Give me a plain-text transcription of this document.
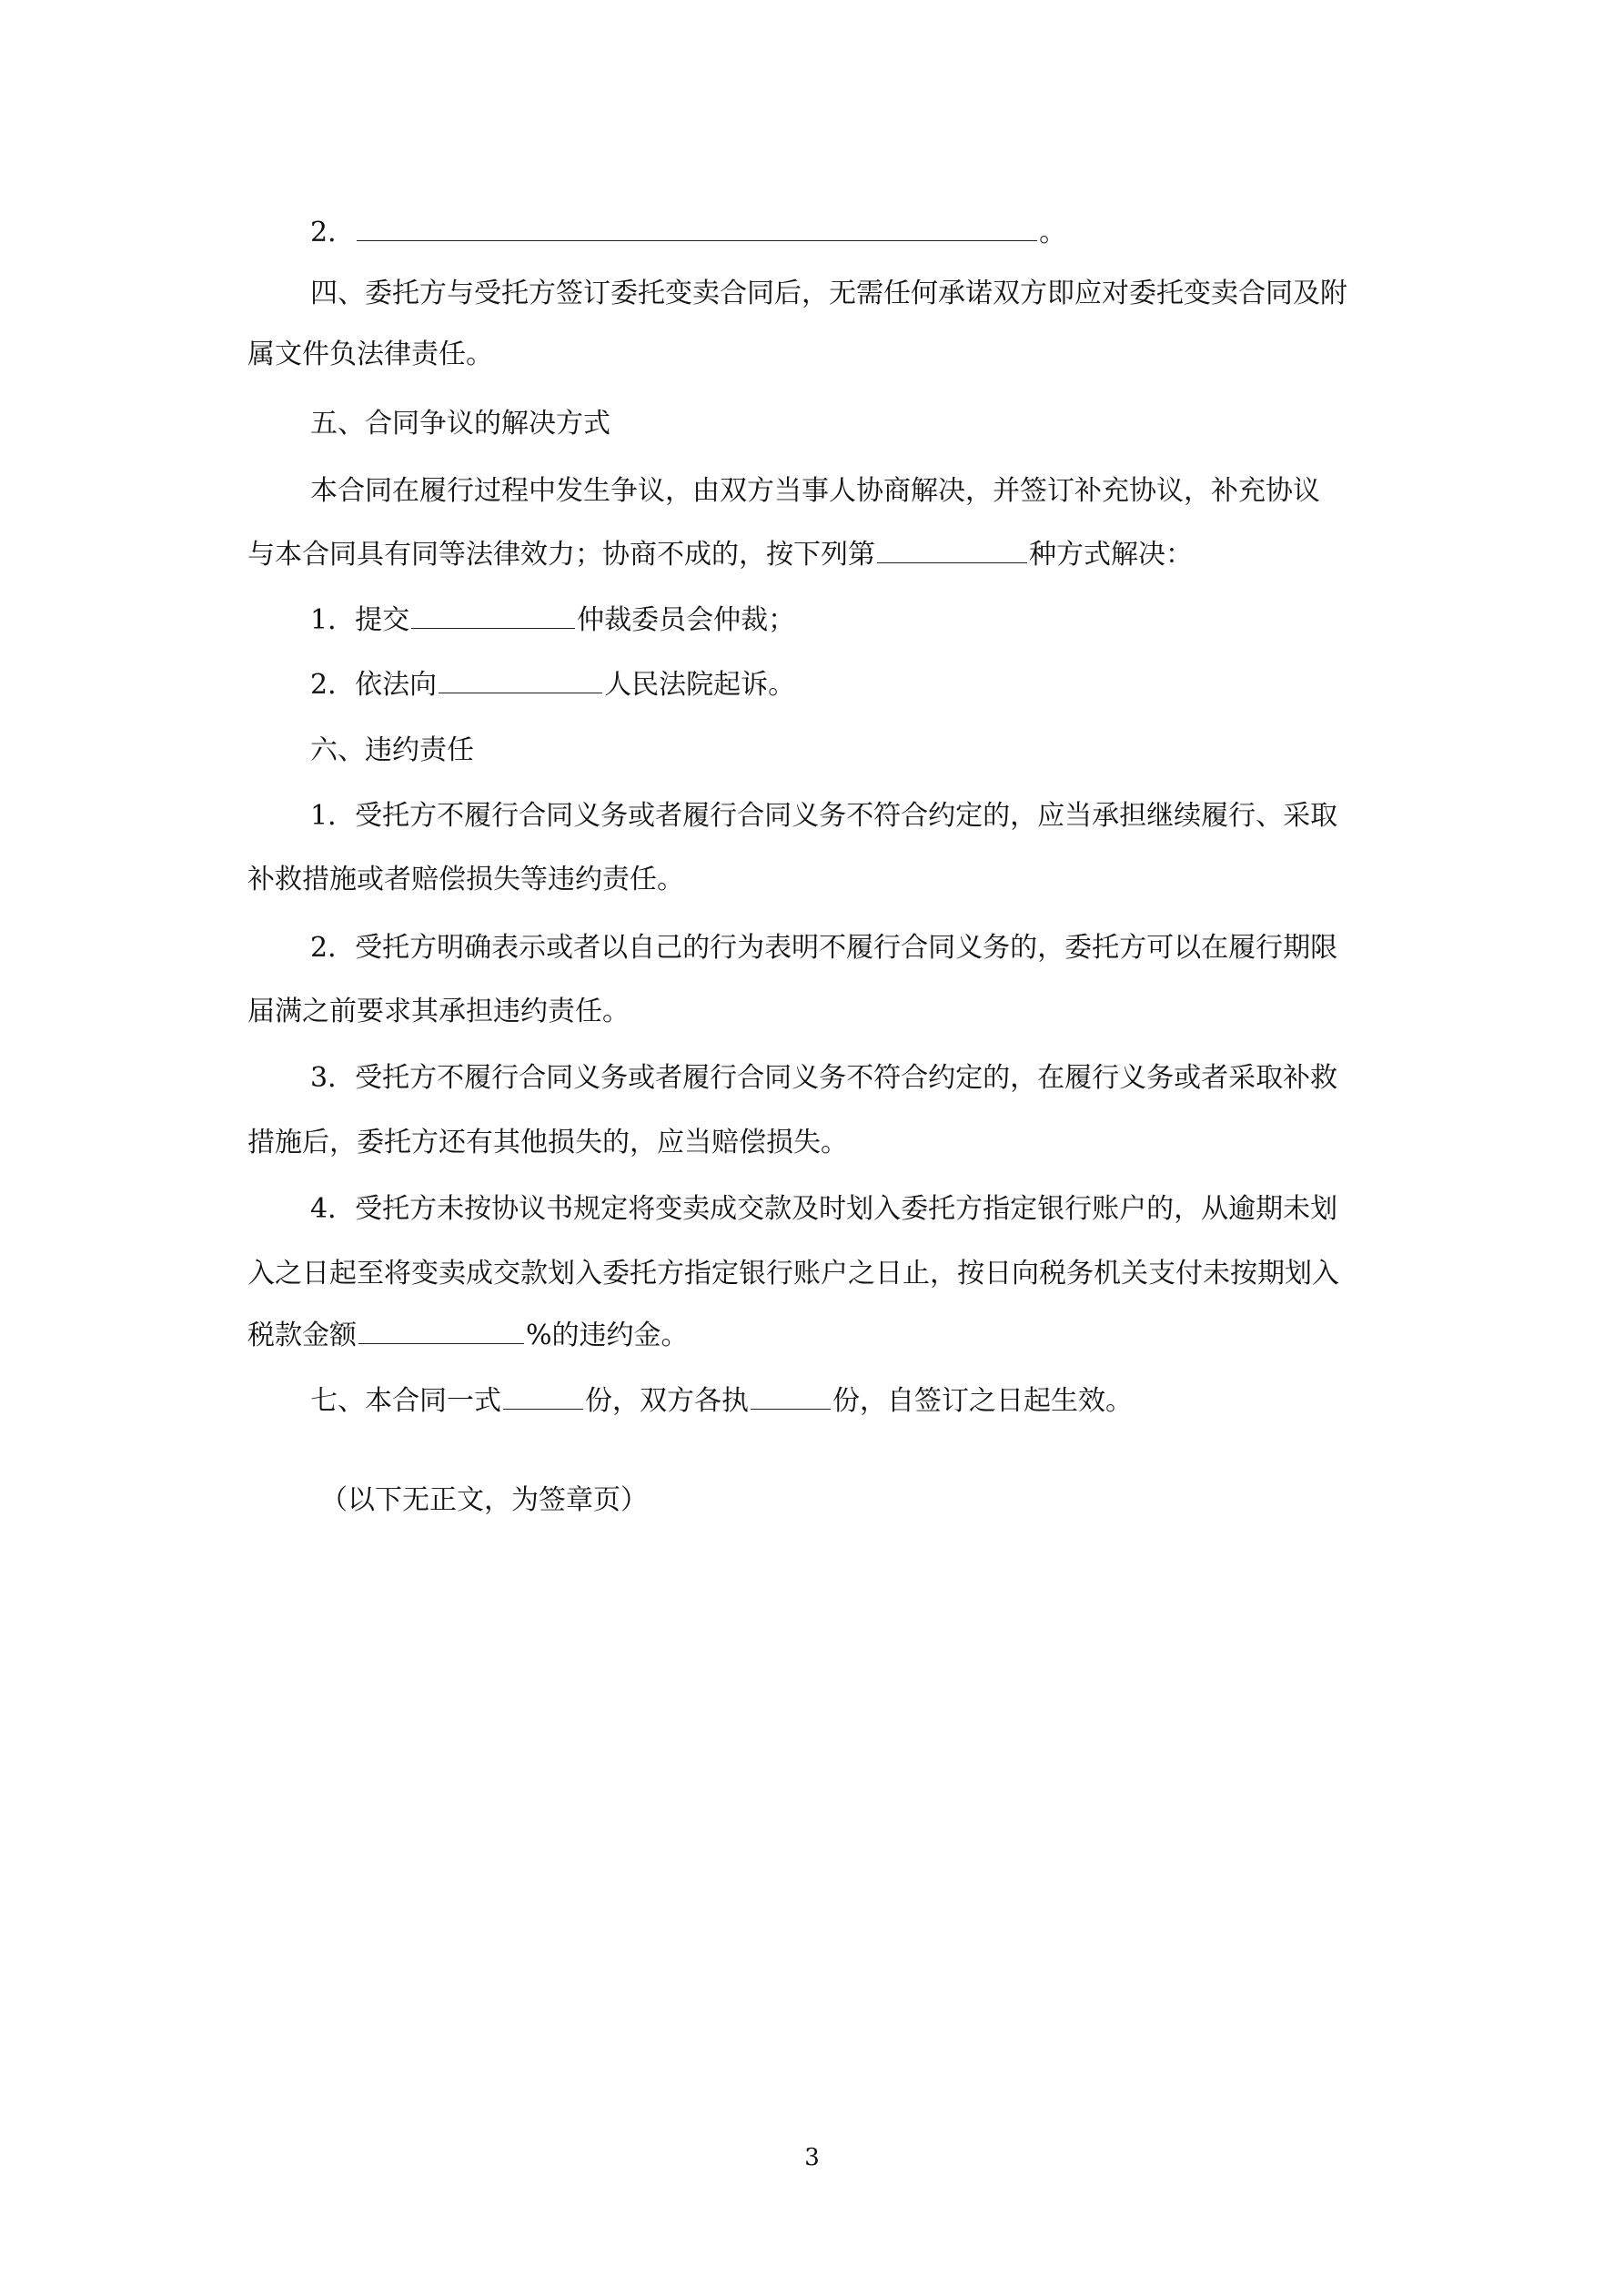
2．	。
四、委托方与受托方签订委托变卖合同后，无需任何承诺双方即应对委托变卖合同及附
属文件负法律责任。
五、合同争议的解决方式
本合同在履行过程中发生争议，由双方当事人协商解决，并签订补充协议，补充协议
与本合同具有同等法律效力；协商不成的，按下列第	种方式解决：
1．提交	仲裁委员会仲裁；
2．依法向	人民法院起诉。
六、违约责任
1．受托方不履行合同义务或者履行合同义务不符合约定的，应当承担继续履行、采取
补救措施或者赔偿损失等违约责任。
2．受托方明确表示或者以自己的行为表明不履行合同义务的，委托方可以在履行期限
届满之前要求其承担违约责任。
3．受托方不履行合同义务或者履行合同义务不符合约定的，在履行义务或者采取补救
措施后，委托方还有其他损失的，应当赔偿损失。
4．受托方未按协议书规定将变卖成交款及时划入委托方指定银行账户的，从逾期未划
入之日起至将变卖成交款划入委托方指定银行账户之日止，按日向税务机关支付未按期划入
税款金额	%的违约金。
七、本合同一式	份，双方各执	份，自签订之日起生效。
（以下无正文，为签章页）
3
